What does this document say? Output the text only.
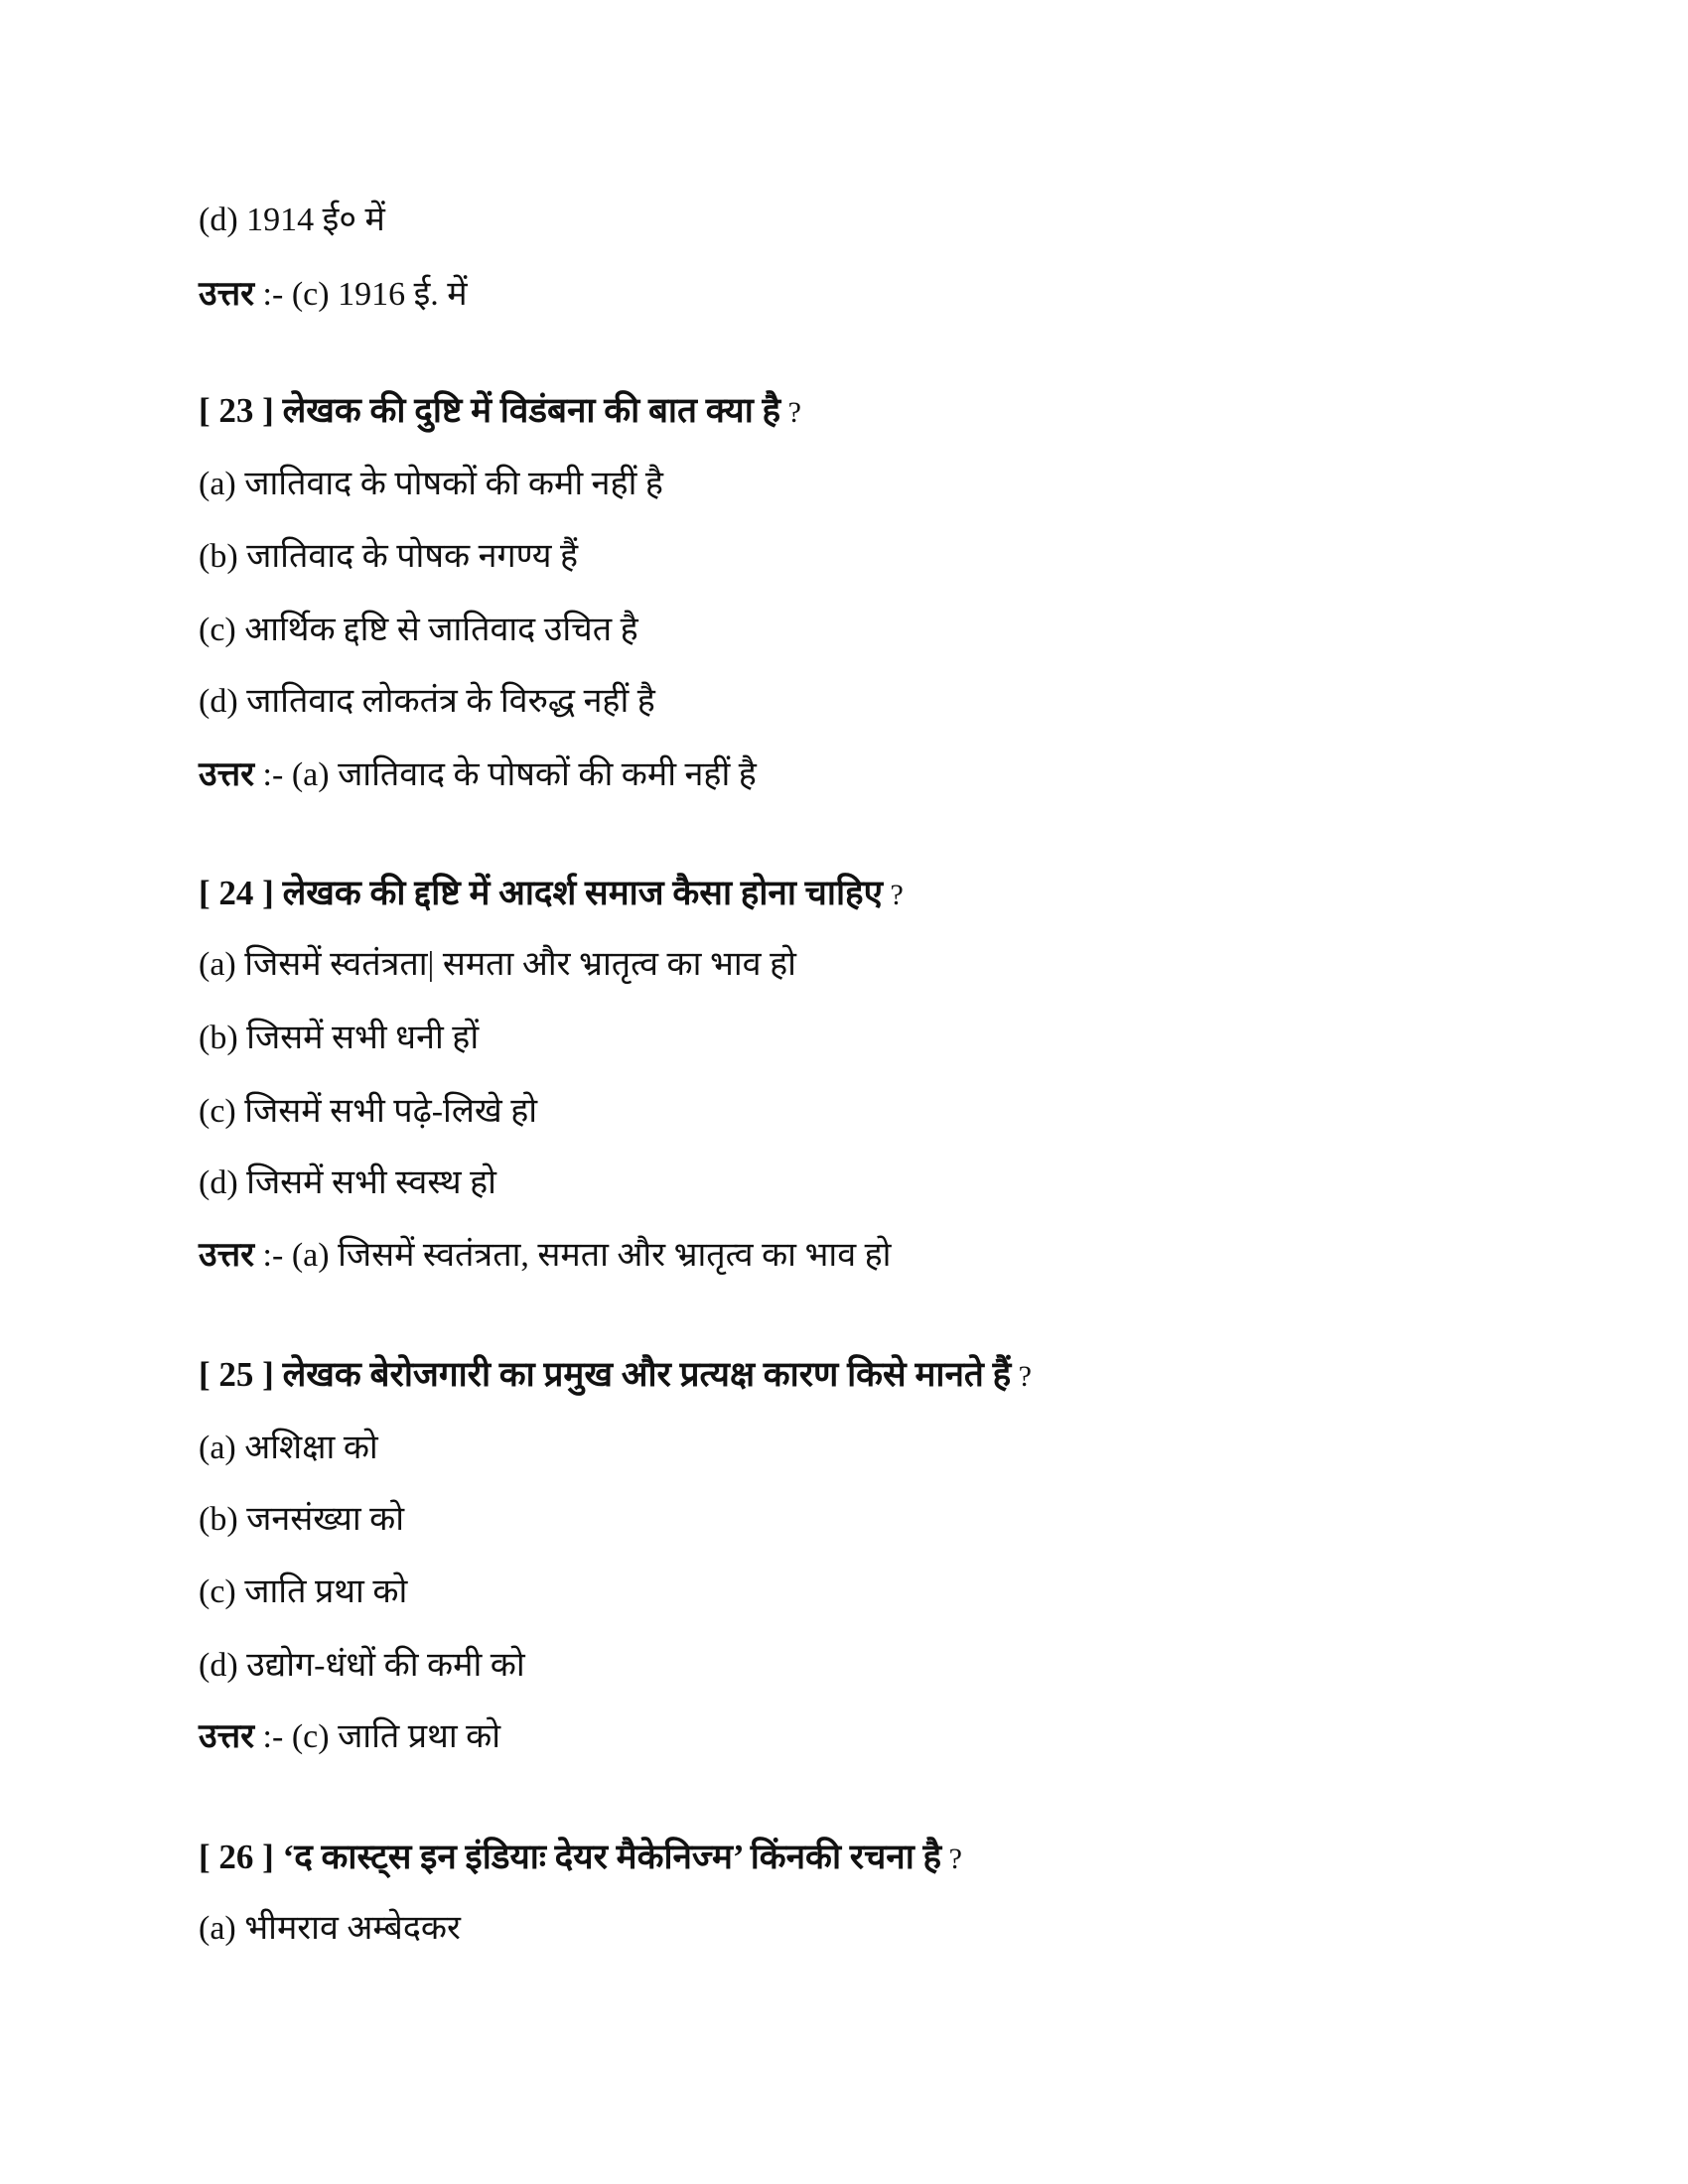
(d) 1914 ई० में
उत्तर :- (c) 1916 ई. में
[ 23 ] लेखक की दुष्टि में विडंबना की बात क्या है ?
(a) जातिवाद के पोषकों की कमी नहीं है
(b) जातिवाद के पोषक नगण्य हैं
(c) आर्थिक द्दष्टि से जातिवाद उचित है
(d) जातिवाद लोकतंत्र के विरुद्ध नहीं है
उत्तर :- (a) जातिवाद के पोषकों की कमी नहीं है
[ 24 ] लेखक की द्दष्टि में आदर्श समाज कैसा होना चाहिए ?
(a) जिसमें स्वतंत्रता| समता और भ्रातृत्व का भाव हो
(b) जिसमें सभी धनी हों
(c) जिसमें सभी पढ़े-लिखे हो
(d) जिसमें सभी स्वस्थ हो
उत्तर :- (a) जिसमें स्वतंत्रता, समता और भ्रातृत्व का भाव हो
[ 25 ] लेखक बेरोजगारी का प्रमुख और प्रत्यक्ष कारण किसे मानते हैं ?
(a) अशिक्षा को
(b) जनसंख्या को
(c) जाति प्रथा को
(d) उद्योग-धंधों की कमी को
उत्तर :- (c) जाति प्रथा को
[ 26 ] ‘द कास्ट्स इन इंडियाः देयर मैकेनिज्म’ किंनकी रचना है ?
(a) भीमराव अम्बेदकर
